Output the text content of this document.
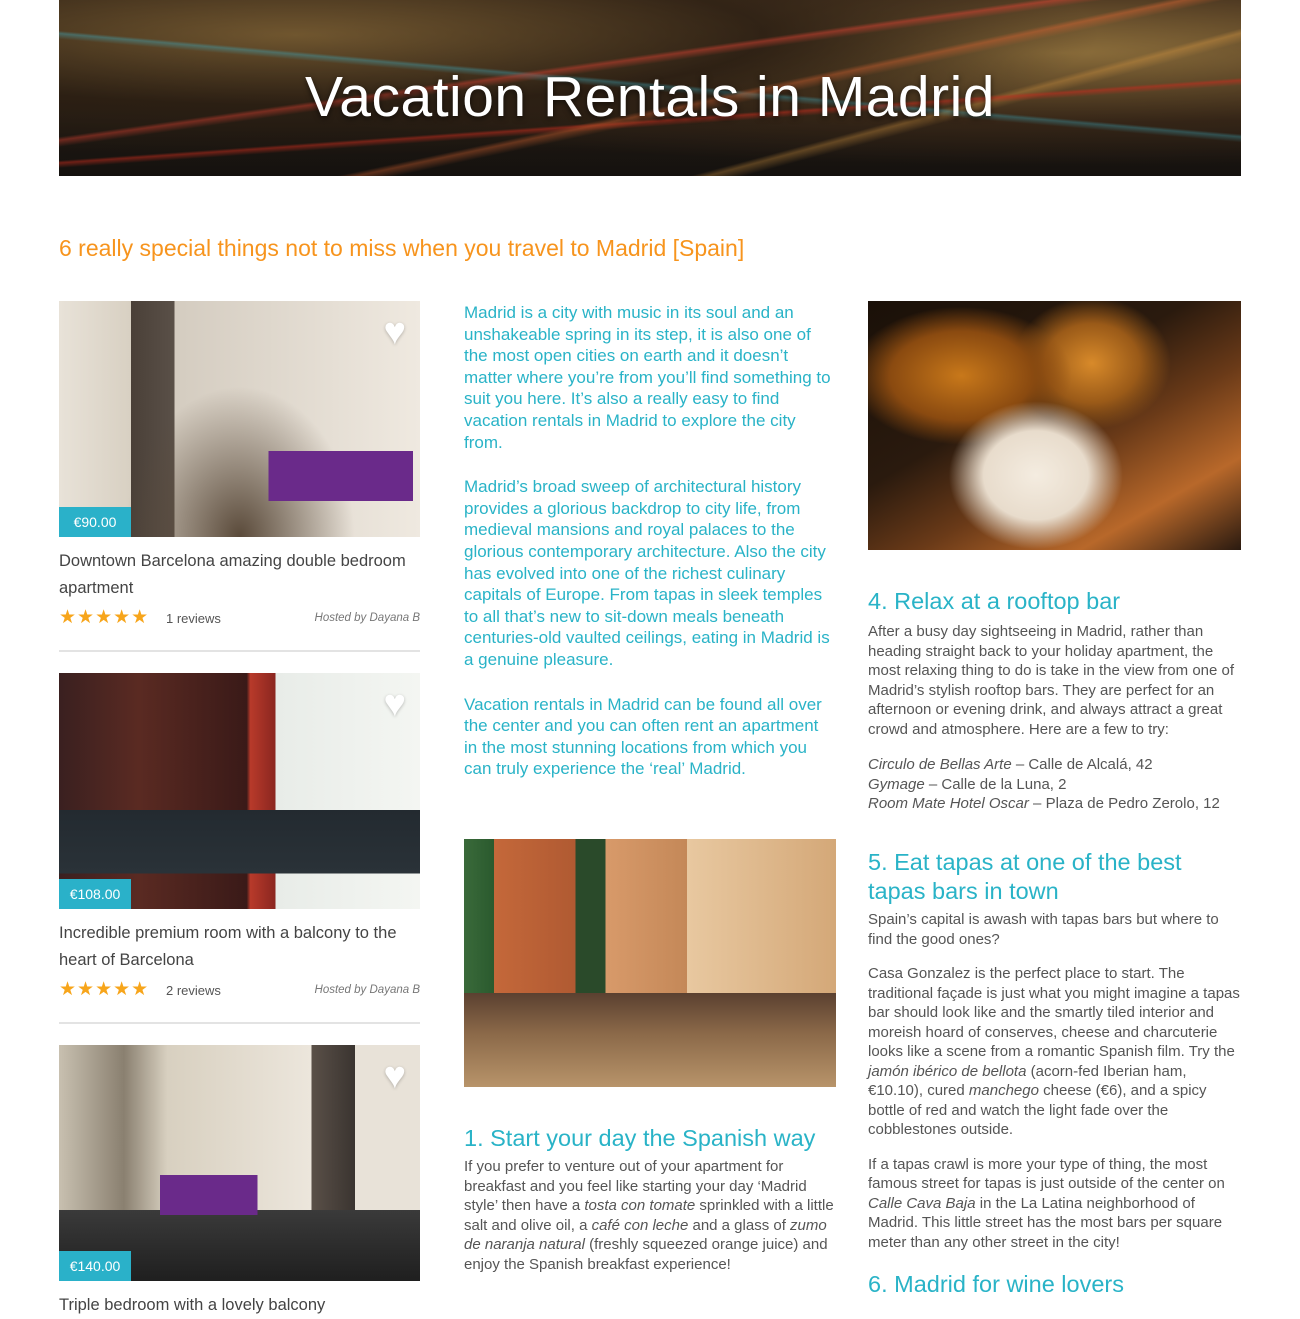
Vacation Rentals in Madrid
6 really special things not to miss when you travel to Madrid [Spain]
♥
€90.00
Downtown Barcelona amazing double bedroom apartment
★★★★★ 1 reviews	Hosted by Dayana B
♥
€108.00
Incredible premium room with a balcony to the heart of Barcelona
★★★★★ 2 reviews	Hosted by Dayana B
♥
€140.00
Triple bedroom with a lovely balcony

Madrid is a city with music in its soul and an unshakeable spring in its step, it is also one of the most open cities on earth and it doesn’t matter where you’re from you’ll find something to suit you here. It’s also a really easy to find vacation rentals in Madrid to explore the city from.

Madrid’s broad sweep of architectural history provides a glorious backdrop to city life, from medieval mansions and royal palaces to the glorious contemporary architecture. Also the city has evolved into one of the richest culinary capitals of Europe. From tapas in sleek temples to all that’s new to sit-down meals beneath centuries-old vaulted ceilings, eating in Madrid is a genuine pleasure.

Vacation rentals in Madrid can be found all over the center and you can often rent an apartment in the most stunning locations from which you can truly experience the ‘real’ Madrid.

1. Start your day the Spanish way

If you prefer to venture out of your apartment for breakfast and you feel like starting your day ‘Madrid style’ then have a tosta con tomate sprinkled with a little salt and olive oil, a café con leche and a glass of zumo de naranja natural (freshly squeezed orange juice) and enjoy the Spanish breakfast experience!

4. Relax at a rooftop bar

After a busy day sightseeing in Madrid, rather than heading straight back to your holiday apartment, the most relaxing thing to do is take in the view from one of Madrid’s stylish rooftop bars. They are perfect for an afternoon or evening drink, and always attract a great crowd and atmosphere. Here are a few to try:

Circulo de Bellas Arte – Calle de Alcalá, 42

Gymage – Calle de la Luna, 2

Room Mate Hotel Oscar – Plaza de Pedro Zerolo, 12

5. Eat tapas at one of the best tapas bars in town

Spain’s capital is awash with tapas bars but where to find the good ones?

Casa Gonzalez is the perfect place to start. The traditional façade is just what you might imagine a tapas bar should look like and the smartly tiled interior and moreish hoard of conserves, cheese and charcuterie looks like a scene from a romantic Spanish film. Try the jamón ibérico de bellota (acorn-fed Iberian ham, €10.10), cured manchego cheese (€6), and a spicy bottle of red and watch the light fade over the cobblestones outside.

If a tapas crawl is more your type of thing, the most famous street for tapas is just outside of the center on Calle Cava Baja in the La Latina neighborhood of Madrid. This little street has the most bars per square meter than any other street in the city!

6. Madrid for wine lovers
